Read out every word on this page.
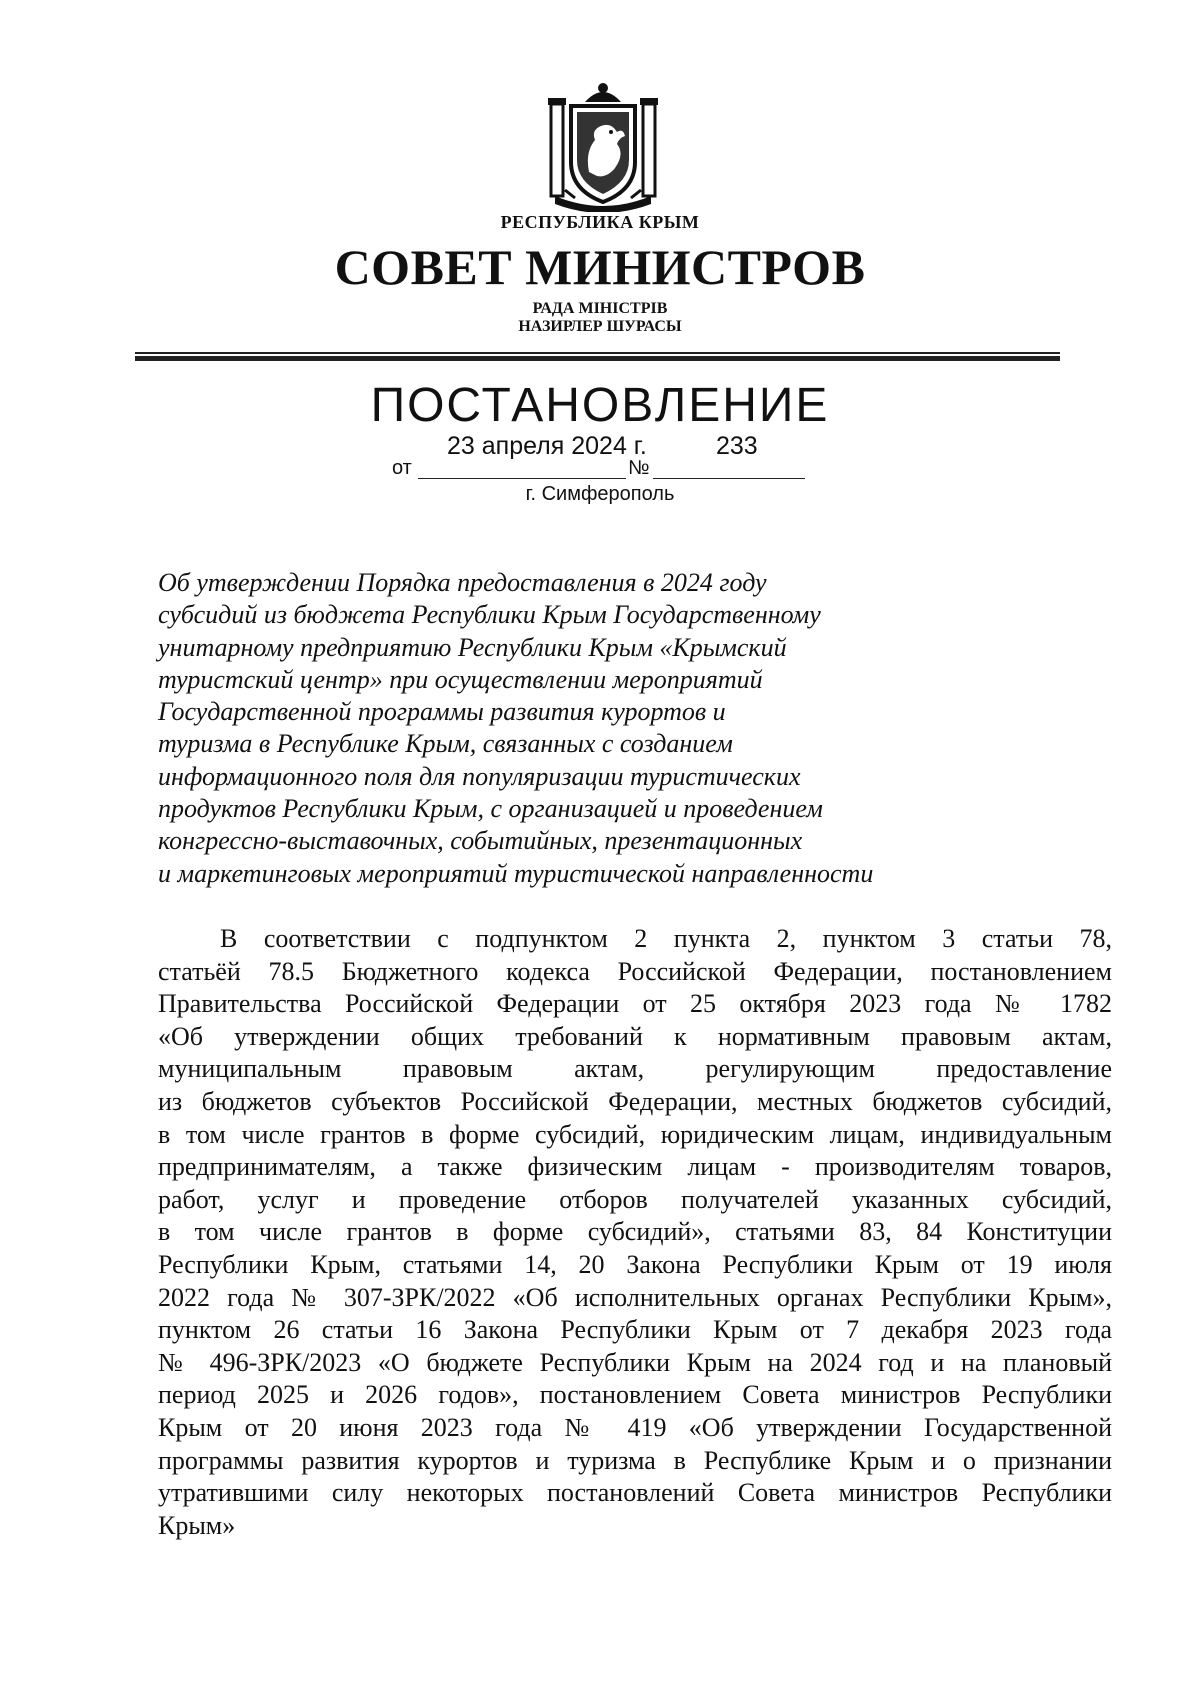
РЕСПУБЛИКА КРЫМ
СОВЕТ МИНИСТРОВ
РАДА МІНІСТРІВ
НАЗИРЛЕР ШУРАСЫ
ПОСТАНОВЛЕНИЕ
23 апреля 2024 г.	233
от	№
г. Симферополь
Об утверждении Порядка предоставления в 2024 году
субсидий из бюджета Республики Крым Государственному
унитарному предприятию Республики Крым «Крымский
туристский центр» при осуществлении мероприятий
Государственной программы развития курортов и
туризма в Республике Крым, связанных с созданием
информационного поля для популяризации туристических
продуктов Республики Крым, с организацией и проведением
конгрессно-выставочных, событийных, презентационных
и маркетинговых мероприятий туристической направленности
В соответствии с подпунктом 2 пункта 2, пунктом 3 статьи 78,
статьёй 78.5 Бюджетного кодекса Российской Федерации, постановлением
Правительства Российской Федерации от 25 октября 2023 года № 1782
«Об утверждении общих требований к нормативным правовым актам,
муниципальным правовым актам, регулирующим предоставление
из бюджетов субъектов Российской Федерации, местных бюджетов субсидий,
в том числе грантов в форме субсидий, юридическим лицам, индивидуальным
предпринимателям, а также физическим лицам - производителям товаров,
работ, услуг и проведение отборов получателей указанных субсидий,
в том числе грантов в форме субсидий», статьями 83, 84 Конституции
Республики Крым, статьями 14, 20 Закона Республики Крым от 19 июля
2022 года № 307-ЗРК/2022 «Об исполнительных органах Республики Крым»,
пунктом 26 статьи 16 Закона Республики Крым от 7 декабря 2023 года
№ 496-ЗРК/2023 «О бюджете Республики Крым на 2024 год и на плановый
период 2025 и 2026 годов», постановлением Совета министров Республики
Крым от 20 июня 2023 года № 419 «Об утверждении Государственной
программы развития курортов и туризма в Республике Крым и о признании
утратившими силу некоторых постановлений Совета министров Республики
Крым»
